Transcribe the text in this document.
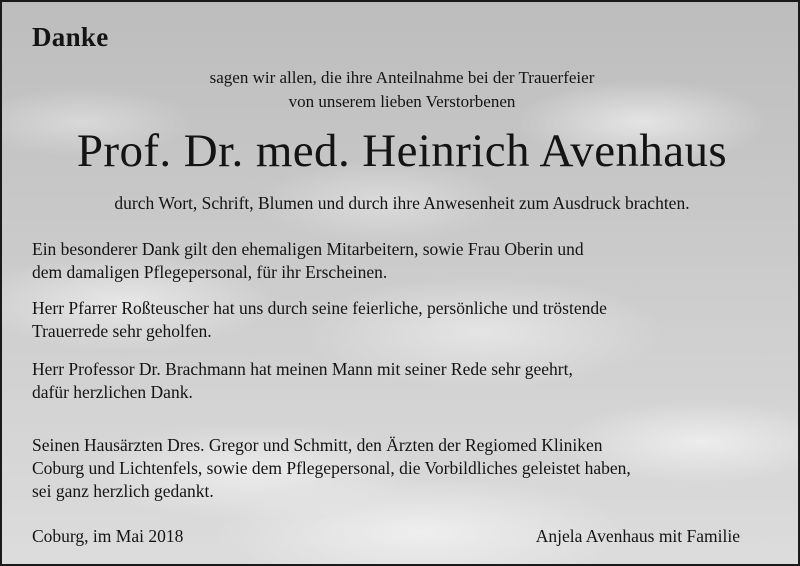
Danke

sagen wir allen, die ihre Anteilnahme bei der Trauerfeier

von unserem lieben Verstorbenen

Prof. Dr. med. Heinrich Avenhaus

durch Wort, Schrift, Blumen und durch ihre Anwesenheit zum Ausdruck brachten.

Ein besonderer Dank gilt den ehemaligen Mitarbeitern, sowie Frau Oberin und
dem damaligen Pflegepersonal, für ihr Erscheinen.
Herr Pfarrer Roßteuscher hat uns durch seine feierliche, persönliche und tröstende
Trauerrede sehr geholfen.
Herr Professor Dr. Brachmann hat meinen Mann mit seiner Rede sehr geehrt,
dafür herzlichen Dank.
Seinen Hausärzten Dres. Gregor und Schmitt, den Ärzten der Regiomed Kliniken
Coburg und Lichtenfels, sowie dem Pflegepersonal, die Vorbildliches geleistet haben,
sei ganz herzlich gedankt.

Coburg, im Mai 2018	Anjela Avenhaus mit Familie
